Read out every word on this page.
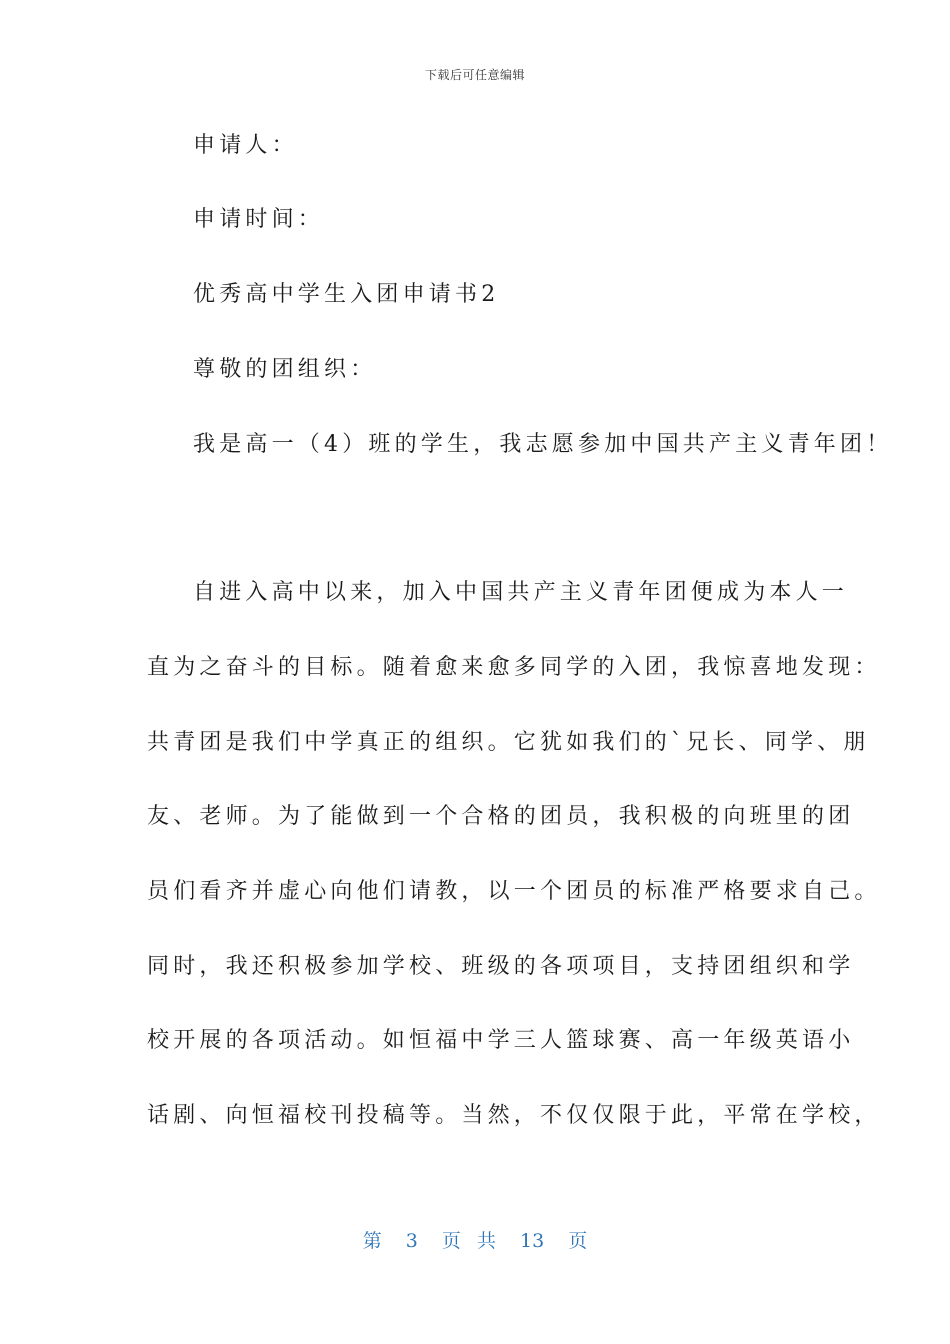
下载后可任意编辑
申请人：
申请时间：
优秀高中学生入团申请书2
尊敬的团组织：
我是高一（4）班的学生，我志愿参加中国共产主义青年团！
自进入高中以来，加入中国共产主义青年团便成为本人一
直为之奋斗的目标。随着愈来愈多同学的入团，我惊喜地发现：
共青团是我们中学真正的组织。它犹如我们的`兄长、同学、朋
友、老师。为了能做到一个合格的团员，我积极的向班里的团
员们看齐并虚心向他们请教，以一个团员的标准严格要求自己。
同时，我还积极参加学校、班级的各项项目，支持团组织和学
校开展的各项活动。如恒福中学三人篮球赛、高一年级英语小
话剧、向恒福校刊投稿等。当然，不仅仅限于此，平常在学校，
第 3 页 共 13 页
